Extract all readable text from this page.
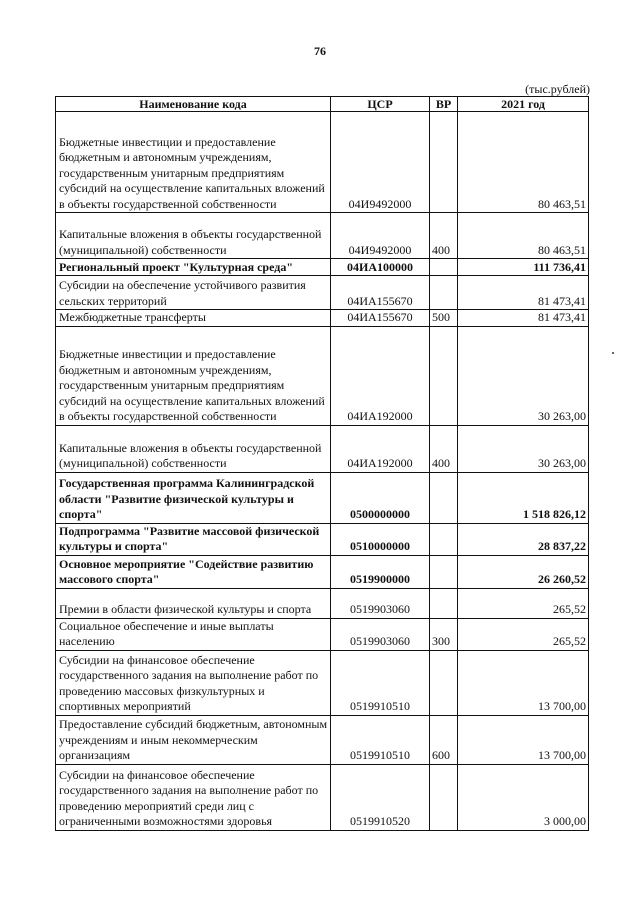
76
(тыс.рублей)
Наименование кода	ЦСР	ВР	2021 год
Бюджетные инвестиции и предоставление бюджетным и автономным учреждениям, государственным унитарным предприятиям субсидий на осуществление капитальных вложений в объекты государственной собственности	04И9492000		80 463,51
Капитальные вложения в объекты государственной (муниципальной) собственности	04И9492000	400	80 463,51
Региональный проект "Культурная среда"	04ИА100000		111 736,41
Субсидии на обеспечение устойчивого развития сельских территорий	04ИА155670		81 473,41
Межбюджетные трансферты	04ИА155670	500	81 473,41
Бюджетные инвестиции и предоставление бюджетным и автономным учреждениям, государственным унитарным предприятиям субсидий на осуществление капитальных вложений в объекты государственной собственности	04ИА192000		30 263,00
Капитальные вложения в объекты государственной (муниципальной) собственности	04ИА192000	400	30 263,00
Государственная программа Калининградской области "Развитие физической культуры и спорта"	0500000000		1 518 826,12
Подпрограмма "Развитие массовой физической культуры и спорта"	0510000000		28 837,22
Основное мероприятие "Содействие развитию массового спорта"	0519900000		26 260,52
Премии в области физической культуры и спорта	0519903060		265,52
Социальное обеспечение и иные выплаты населению	0519903060	300	265,52
Субсидии на финансовое обеспечение государственного задания на выполнение работ по проведению массовых физкультурных и спортивных мероприятий	0519910510		13 700,00
Предоставление субсидий бюджетным, автономным учреждениям и иным некоммерческим организациям	0519910510	600	13 700,00
Субсидии на финансовое обеспечение государственного задания на выполнение работ по проведению мероприятий среди лиц с ограниченными возможностями здоровья	0519910520		3 000,00
